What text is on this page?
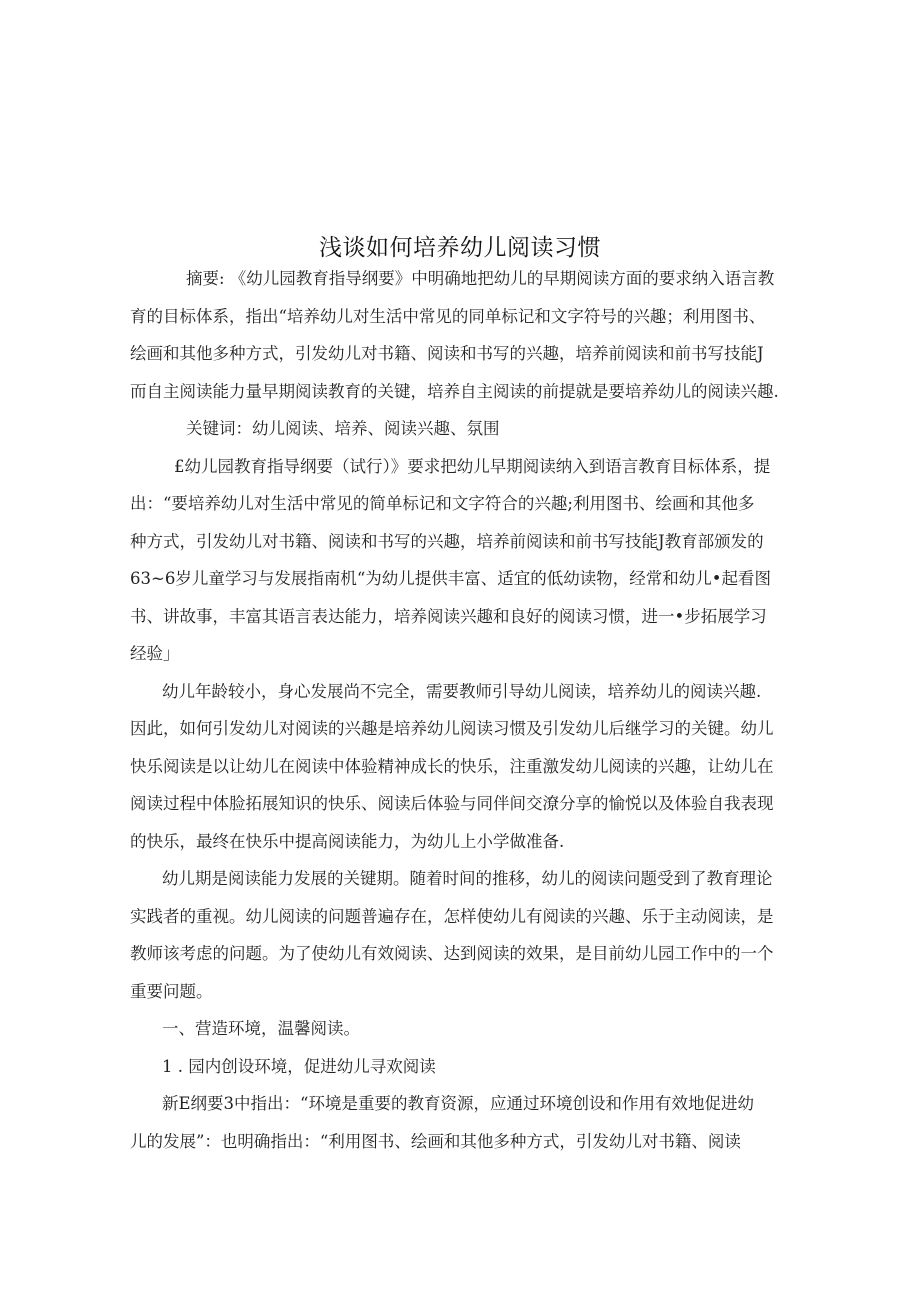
浅谈如何培养幼儿阅读习惯
摘要: 《幼儿园教育指导纲要》中明确地把幼儿的早期阅读方面的要求纳入语言教
育的目标体系，指出“培养幼儿对生活中常见的同单标记和文字符号的兴趣；利用图书、
绘画和其他多种方式，引发幼儿对书籍、阅读和书写的兴趣，培养前阅读和前书写技能J
而自主阅读能力量早期阅读教育的关键，培养自主阅读的前提就是要培养幼儿的阅读兴趣.
关键词：幼儿阅读、培养、阅读兴趣、氛围
£幼儿园教育指导纲要（试行）》要求把幼儿早期阅读纳入到语言教育目标体系，提
出：“要培养幼儿对生活中常见的简单标记和文字符合的兴趣;利用图书、绘画和其他多
种方式，引发幼儿对书籍、阅读和书写的兴趣，培养前阅读和前书写技能J教育部颁发的
63~6岁儿童学习与发展指南机“为幼儿提供丰富、适宜的低幼读物，经常和幼儿•起看图
书、讲故事，丰富其语言表达能力，培养阅读兴趣和良好的阅读习惯，进一•步拓展学习
经验」
幼儿年龄较小，身心发展尚不完全，需要教师引导幼儿阅读，培养幼儿的阅读兴趣.
因此，如何引发幼儿对阅读的兴趣是培养幼儿阅读习惯及引发幼儿后继学习的关键。幼儿
快乐阅读是以让幼儿在阅读中体验精神成长的快乐，注重激发幼儿阅读的兴趣，让幼儿在
阅读过程中体脸拓展知识的快乐、阅读后体验与同伴间交潦分享的愉悦以及体验自我表现
的快乐，最终在快乐中提高阅读能力，为幼儿上小学做准备.
幼儿期是阅读能力发展的关键期。随着时间的推移，幼儿的阅读问题受到了教育理论
实践者的重视。幼儿阅读的问题普遍存在，怎样使幼儿有阅读的兴趣、乐于主动阅读，是
教师该考虑的问题。为了使幼儿有效阅读、达到阅读的效果，是目前幼儿园工作中的一个
重要问题。
一、营造环境，温馨阅读。
1 . 园内创设环境，促进幼儿寻欢阅读
新E纲要3中指出：“环境是重要的教育资源，应通过环境创设和作用有效地促进幼
儿的发展”：也明确指出：“利用图书、绘画和其他多种方式，引发幼儿对书籍、阅读
